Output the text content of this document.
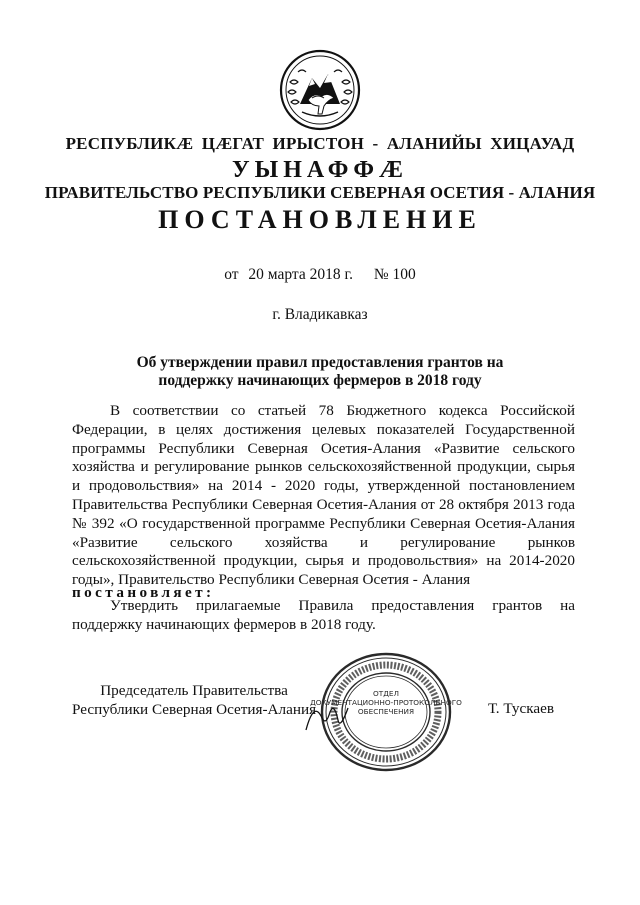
РЕСПУБЛИКӔ ЦӔГАТ ИРЫСТОН - АЛАНИЙЫ ХИЦАУАД
УЫНАФФӔ
ПРАВИТЕЛЬСТВО РЕСПУБЛИКИ СЕВЕРНАЯ ОСЕТИЯ - АЛАНИЯ
ПОСТАНОВЛЕНИЕ
от 20 марта 2018 г. № 100
г. Владикавказ
Об утверждении правил предоставления грантов на
поддержку начинающих фермеров в 2018 году

В соответствии со статьей 78 Бюджетного кодекса Российской Федерации, в целях достижения целевых показателей Государственной программы Республики Северная Осетия-Алания «Развитие сельского хозяйства и регулирование рынков сельскохозяйственной продукции, сырья и продовольствия» на 2014 - 2020 годы, утвержденной постановлением Правительства Республики Северная Осетия-Алания от 28 октября 2013 года № 392 «О государственной программе Республики Северная Осетия-Алания «Развитие сельского хозяйства и регулирование рынков сельскохозяйственной продукции, сырья и продовольствия» на 2014-2020 годы», Правительство Республики Северная Осетия - Алания

постановляет:

Утвердить прилагаемые Правила предоставления грантов на поддержку начинающих фермеров в 2018 году.

ОТДЕЛ ДОКУМЕНТАЦИОННО-ПРОТОКОЛЬНОГО ОБЕСПЕЧЕНИЯ
Председатель Правительства
Республики Северная Осетия-Алания	Т. Тускаев
